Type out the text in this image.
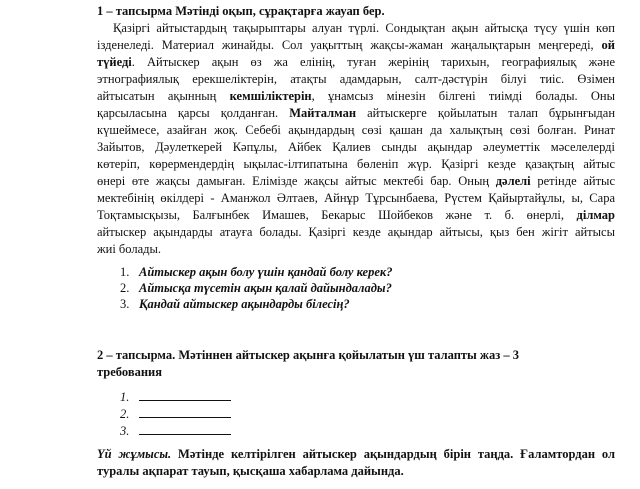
1 – тапсырма Мәтінді оқып, сұрақтарға жауап бер.
Қазіргі айтыстардың тақырыптары алуан түрлі. Сондықтан ақын айтысқа түсу үшін көп
ізденеледі. Материал жинайды. Сол уақыттың жақсы-жаман жаңалықтарын меңгереді, ой
түйеді. Айтыскер ақын өз жа елінің, туған жерінің тарихын, географиялық және
этнографиялық ерекшеліктерін, атақты адамдарын, салт-дәстүрін білуі тиіс. Өзімен
айтысатын ақынның кемшіліктерін, ұнамсыз мінезін білгені тиімді болады. Оны
қарсыласына қарсы қолданған. Майталман айтыскерге қойылатын талап бұрынғыдан
күшеймесе, азайған жоқ. Себебі ақындардың сөзі қашан да халықтың сөзі болған. Ринат
Зайытов, Дәулеткерей Кәпұлы, Айбек Қалиев сынды ақындар әлеуметтік мәселелерді
көтеріп, көрермендердің ықылас-ілтипатына бөленіп жүр. Қазіргі кезде қазақтың айтыс
өнері өте жақсы дамыған. Елімізде жақсы айтыс мектебі бар. Оның дәлелі ретінде айтыс
мектебінің өкілдері - Аманжол Әлтаев, Айнұр Тұрсынбаева, Рүстем Қайыртайұлы, ы, Сара
Тоқтамысқызы, Балғынбек Имашев, Бекарыс Шойбеков және т. б. өнерлі, ділмар
айтыскер ақындарды атауға болады. Қазіргі кезде ақындар айтысы, қыз бен жігіт айтысы
жиі болады.
1. Айтыскер ақын болу үшін қандай болу керек?
2. Айтысқа түсетін ақын қалай дайындалады?
3. Қандай айтыскер ақындарды білесің?
2 – тапсырма. Мәтіннен айтыскер ақынға қойылатын үш талапты жаз – 3
требования
1.
2.
3.
Үй жұмысы. Мәтінде келтірілген айтыскер ақындардың бірін таңда. Ғаламтордан ол
туралы ақпарат тауып, қысқаша хабарлама дайында.
